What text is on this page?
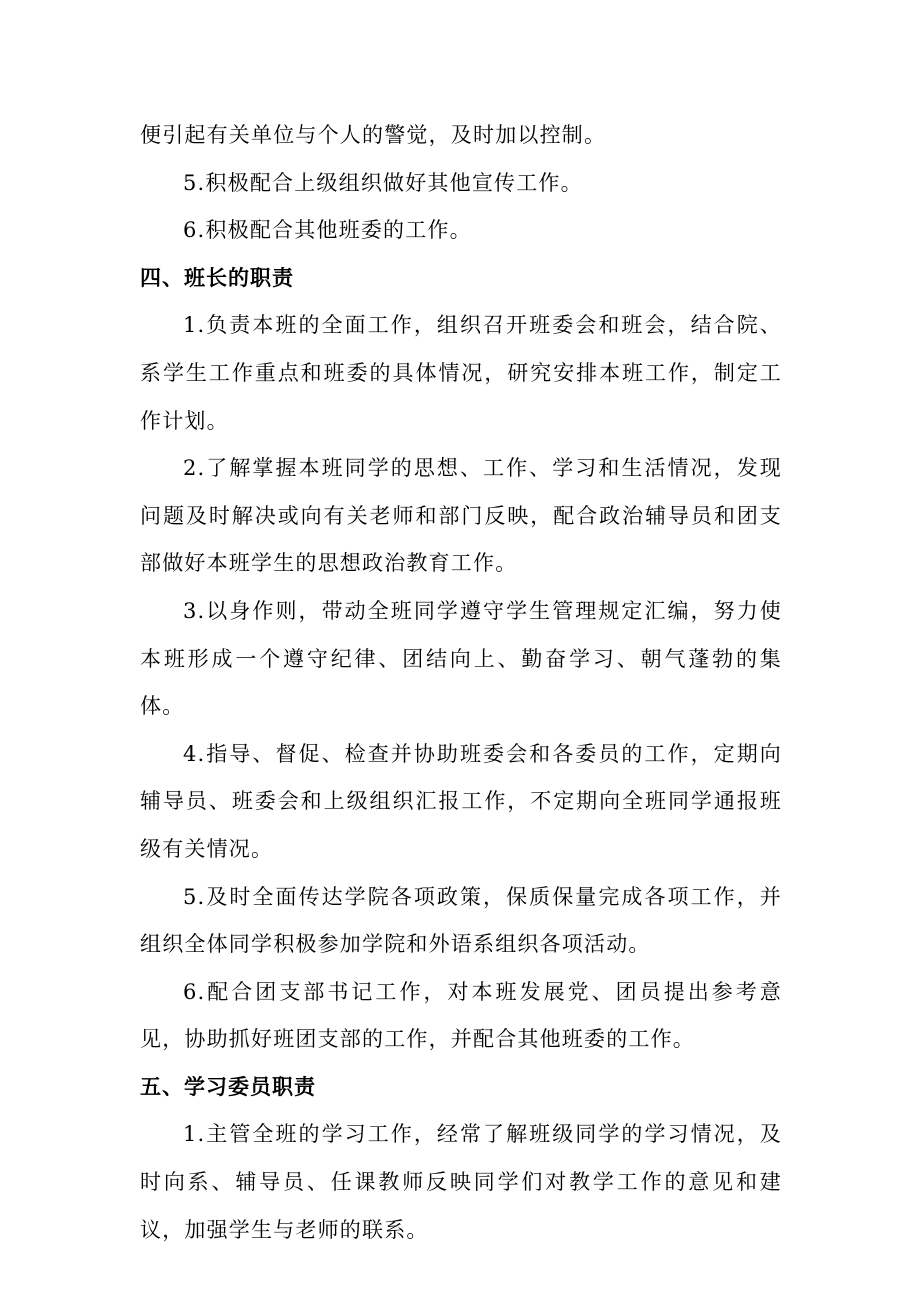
便引起有关单位与个人的警觉，及时加以控制。

5.积极配合上级组织做好其他宣传工作。

6.积极配合其他班委的工作。

四、班长的职责

1.负责本班的全面工作，组织召开班委会和班会，结合院、系学生工作重点和班委的具体情况，研究安排本班工作，制定工作计划。

2.了解掌握本班同学的思想、工作、学习和生活情况，发现问题及时解决或向有关老师和部门反映，配合政治辅导员和团支部做好本班学生的思想政治教育工作。

3.以身作则，带动全班同学遵守学生管理规定汇编，努力使本班形成一个遵守纪律、团结向上、勤奋学习、朝气蓬勃的集体。

4.指导、督促、检查并协助班委会和各委员的工作，定期向辅导员、班委会和上级组织汇报工作，不定期向全班同学通报班级有关情况。

5.及时全面传达学院各项政策，保质保量完成各项工作，并组织全体同学积极参加学院和外语系组织各项活动。

6.配合团支部书记工作，对本班发展党、团员提出参考意见，协助抓好班团支部的工作，并配合其他班委的工作。

五、学习委员职责

1.主管全班的学习工作，经常了解班级同学的学习情况，及时向系、辅导员、任课教师反映同学们对教学工作的意见和建议，加强学生与老师的联系。
